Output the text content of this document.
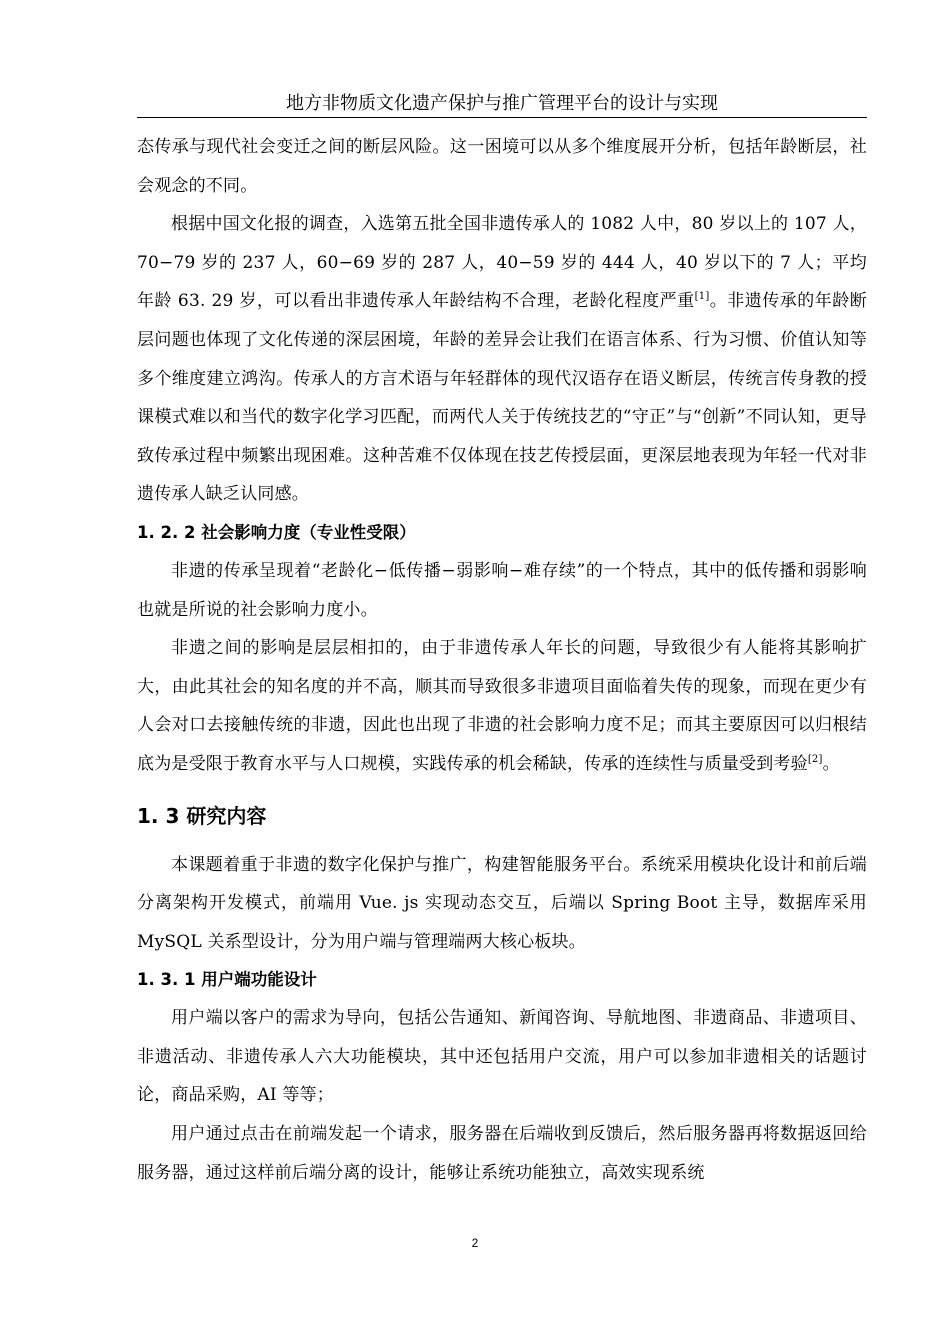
地方非物质文化遗产保护与推广管理平台的设计与实现

态传承与现代社会变迁之间的断层风险。这一困境可以从多个维度展开分析，包括年龄断层，社会观念的不同。

根据中国文化报的调查，入选第五批全国非遗传承人的 1082 人中，80 岁以上的 107 人，70−79 岁的 237 人，60−69 岁的 287 人，40−59 岁的 444 人，40 岁以下的 7 人；平均年龄 63. 29 岁，可以看出非遗传承人年龄结构不合理，老龄化程度严重[1]。非遗传承的年龄断层问题也体现了文化传递的深层困境，年龄的差异会让我们在语言体系、行为习惯、价值认知等多个维度建立鸿沟。传承人的方言术语与年轻群体的现代汉语存在语义断层，传统言传身教的授课模式难以和当代的数字化学习匹配，而两代人关于传统技艺的“守正”与“创新”不同认知，更导致传承过程中频繁出现困难。这种苦难不仅体现在技艺传授层面，更深层地表现为年轻一代对非遗传承人缺乏认同感。

1. 2. 2 社会影响力度（专业性受限）

非遗的传承呈现着“老龄化−低传播−弱影响−难存续”的一个特点，其中的低传播和弱影响也就是所说的社会影响力度小。

非遗之间的影响是层层相扣的，由于非遗传承人年长的问题，导致很少有人能将其影响扩大，由此其社会的知名度的并不高，顺其而导致很多非遗项目面临着失传的现象，而现在更少有人会对口去接触传统的非遗，因此也出现了非遗的社会影响力度不足；而其主要原因可以归根结底为是受限于教育水平与人口规模，实践传承的机会稀缺，传承的连续性与质量受到考验[2]。

1. 3 研究内容

本课题着重于非遗的数字化保护与推广，构建智能服务平台。系统采用模块化设计和前后端分离架构开发模式，前端用 Vue. js 实现动态交互，后端以 Spring Boot 主导，数据库采用 MySQL 关系型设计，分为用户端与管理端两大核心板块。

1. 3. 1 用户端功能设计

用户端以客户的需求为导向，包括公告通知、新闻咨询、导航地图、非遗商品、非遗项目、非遗活动、非遗传承人六大功能模块，其中还包括用户交流，用户可以参加非遗相关的话题讨论，商品采购，AI 等等；

用户通过点击在前端发起一个请求，服务器在后端收到反馈后，然后服务器再将数据返回给服务器，通过这样前后端分离的设计，能够让系统功能独立，高效实现系统

2
